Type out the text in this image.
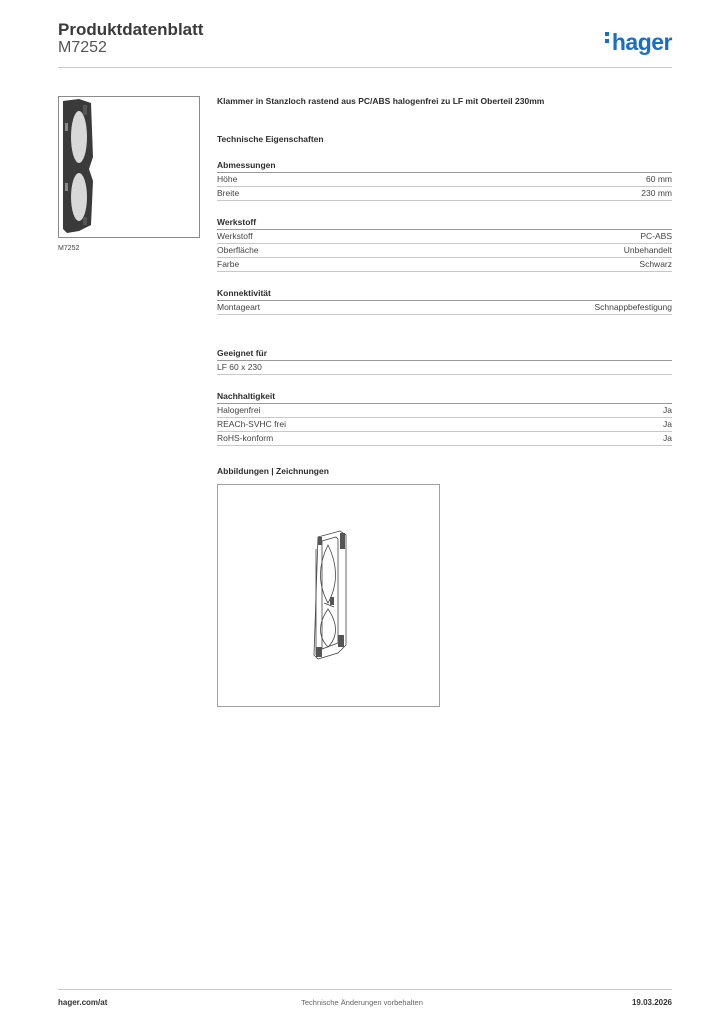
Produktdatenblatt
M7252	hager
M7252
Klammer in Stanzloch rastend aus PC/ABS halogenfrei zu LF mit Oberteil 230mm
Technische Eigenschaften
Abmessungen
Höhe	60 mm
Breite	230 mm
Werkstoff
Werkstoff	PC-ABS
Oberfläche	Unbehandelt
Farbe	Schwarz
Konnektivität
Montageart	Schnappbefestigung
Geeignet für
LF 60 x 230
Nachhaltigkeit
Halogenfrei	Ja
REACh-SVHC frei	Ja
RoHS-konform	Ja
Abbildungen | Zeichnungen
hager.com/at	Technische Änderungen vorbehalten	19.03.2026
